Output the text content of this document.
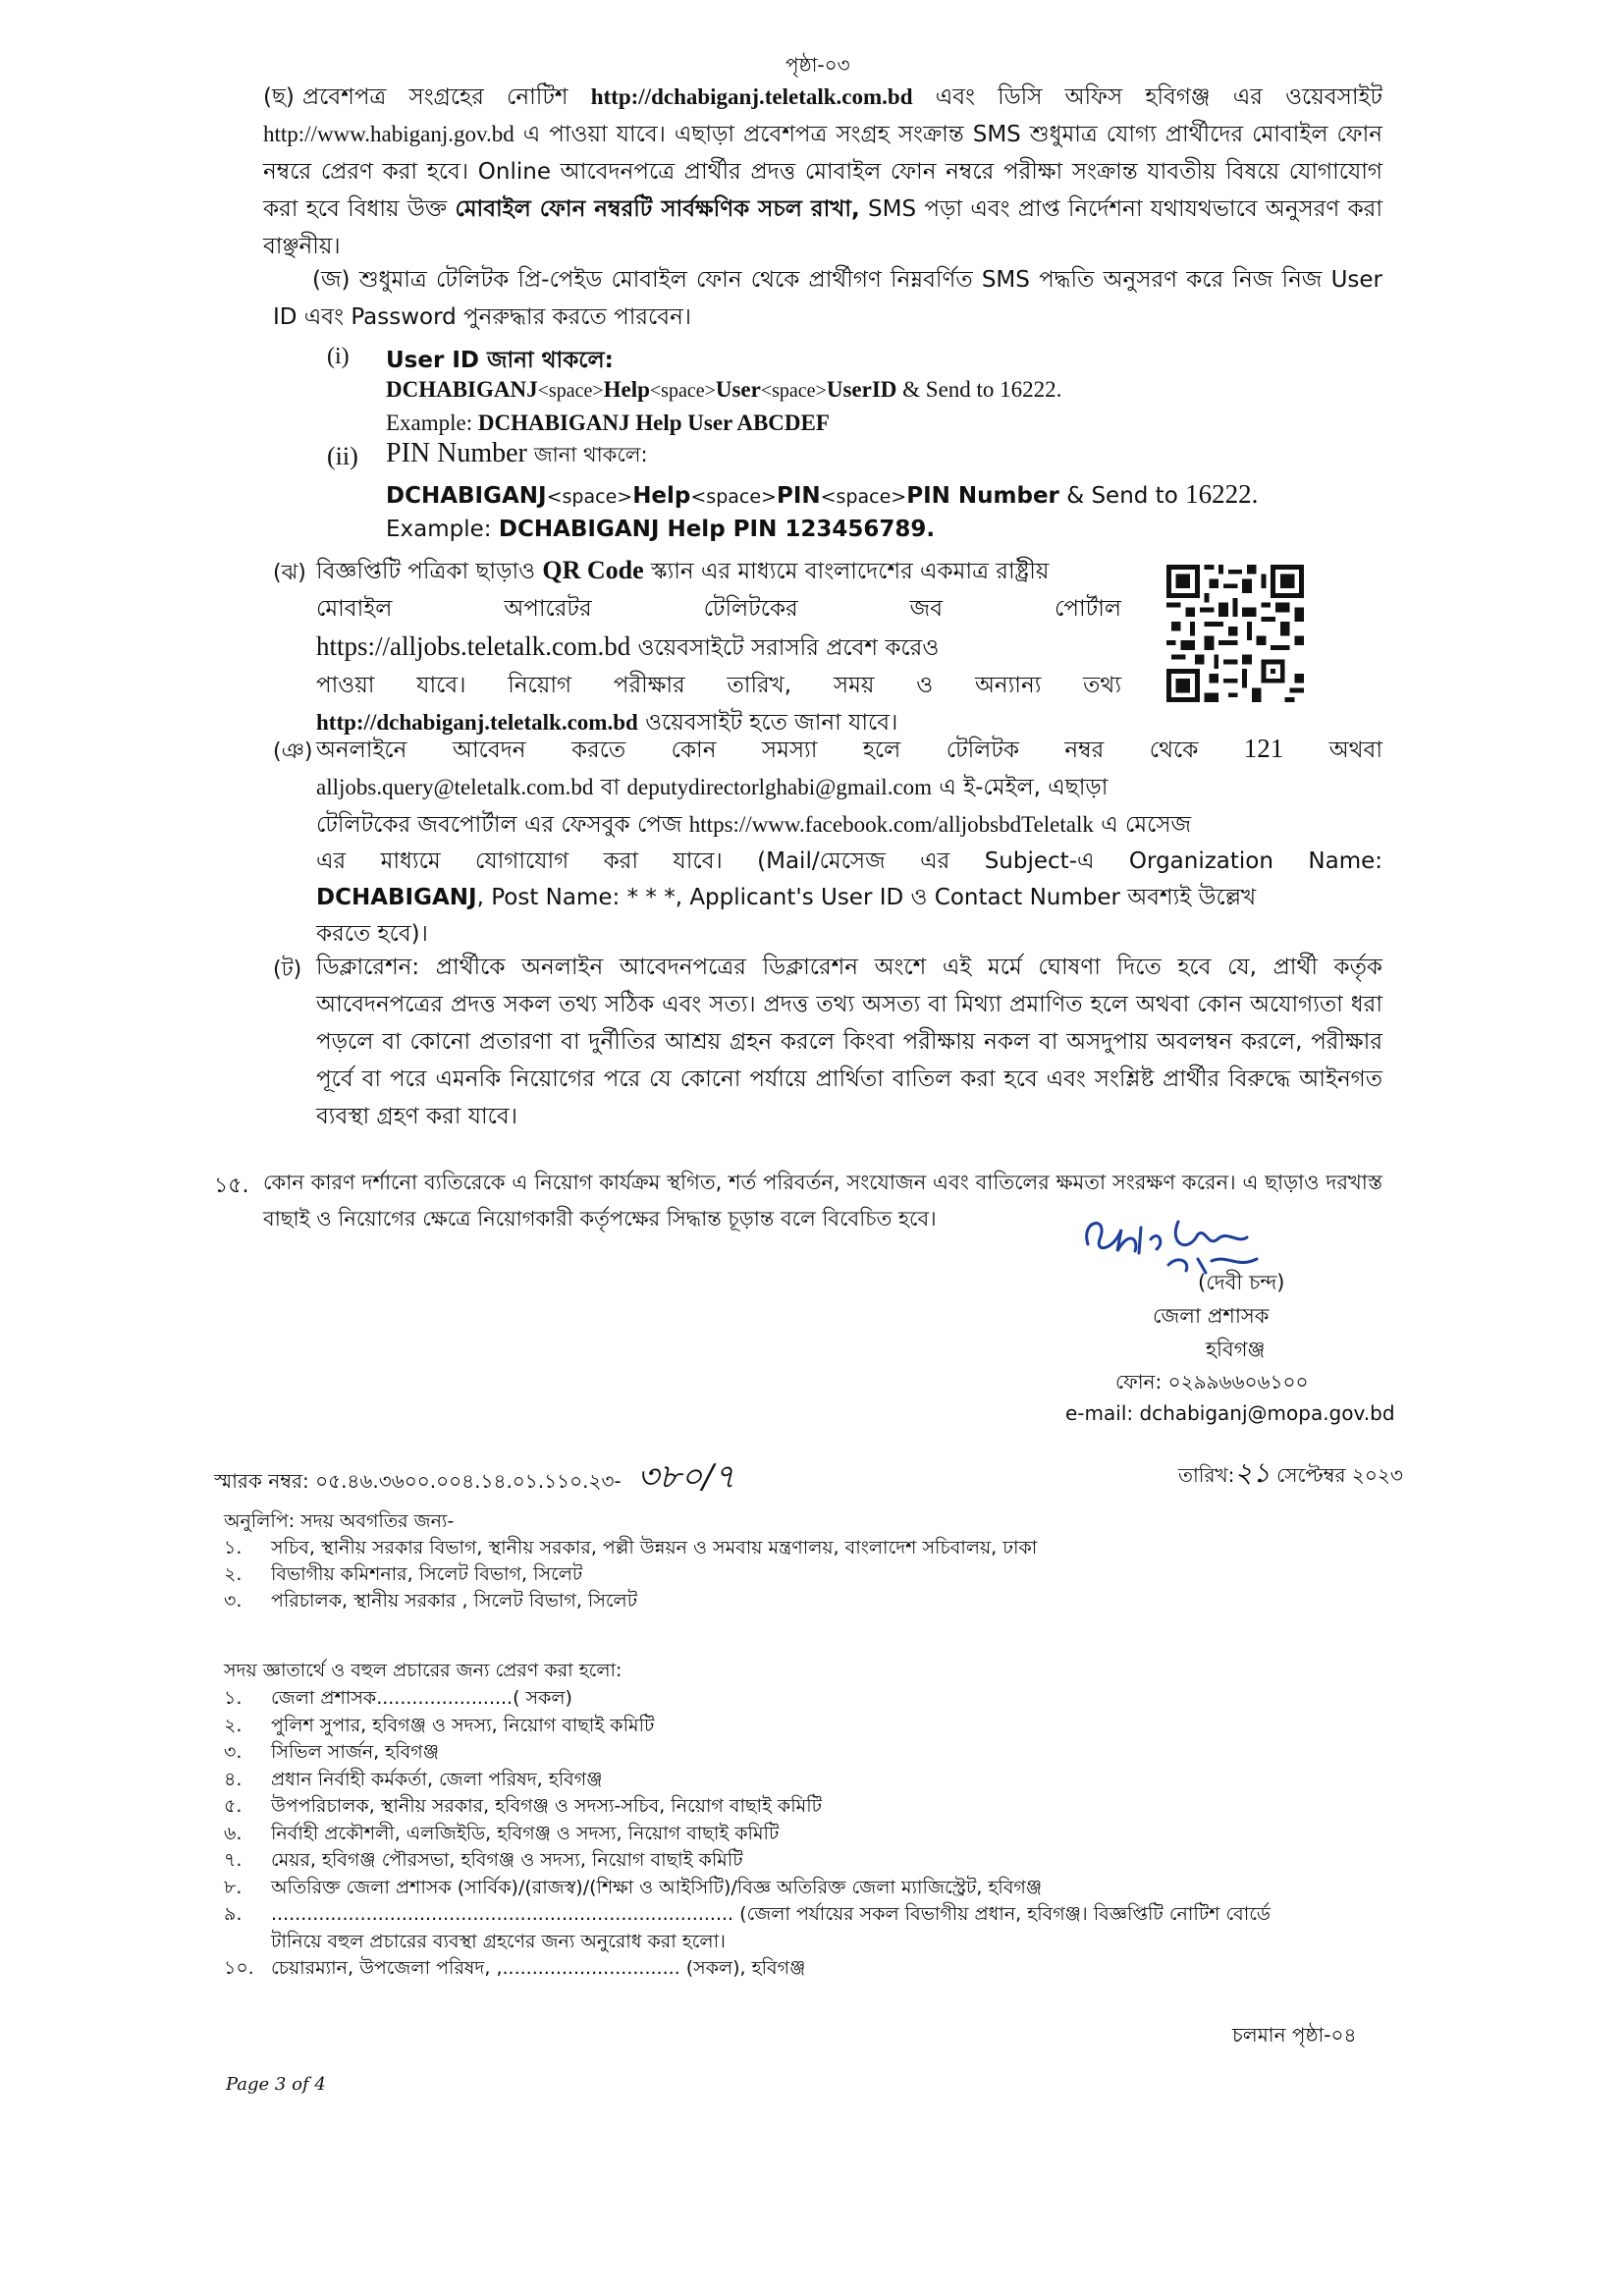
পৃষ্ঠা-০৩
(ছ) প্রবেশপত্র সংগ্রহের নোটিশ http://dchabiganj.teletalk.com.bd এবং ডিসি অফিস হবিগঞ্জ এর ওয়েবসাইট http://www.habiganj.gov.bd এ পাওয়া যাবে। এছাড়া প্রবেশপত্র সংগ্রহ সংক্রান্ত SMS শুধুমাত্র যোগ্য প্রার্থীদের মোবাইল ফোন নম্বরে প্রেরণ করা হবে। Online আবেদনপত্রে প্রার্থীর প্রদত্ত মোবাইল ফোন নম্বরে পরীক্ষা সংক্রান্ত যাবতীয় বিষয়ে যোগাযোগ করা হবে বিধায় উক্ত মোবাইল ফোন নম্বরটি সার্বক্ষণিক সচল রাখা, SMS পড়া এবং প্রাপ্ত নির্দেশনা যথাযথভাবে অনুসরণ করা বাঞ্ছনীয়।
(জ) শুধুমাত্র টেলিটক প্রি-পেইড মোবাইল ফোন থেকে প্রার্থীগণ নিম্নবর্ণিত SMS পদ্ধতি অনুসরণ করে নিজ নিজ User ID এবং Password পুনরুদ্ধার করতে পারবেন।
(i) User ID জানা থাকলে:
DCHABIGANJ<space>Help<space>User<space>UserID & Send to 16222.
Example: DCHABIGANJ Help User ABCDEF
(ii) PIN Number জানা থাকলে:
DCHABIGANJ<space>Help<space>PIN<space>PIN Number & Send to 16222.
Example: DCHABIGANJ Help PIN 123456789.
(ঝ) বিজ্ঞপ্তিটি পত্রিকা ছাড়াও QR Code স্ক্যান এর মাধ্যমে বাংলাদেশের একমাত্র রাষ্ট্রীয়
মোবাইল অপারেটর টেলিটকের জব পোর্টাল
https://alljobs.teletalk.com.bd ওয়েবসাইটে সরাসরি প্রবেশ করেও
পাওয়া যাবে। নিয়োগ পরীক্ষার তারিখ, সময় ও অন্যান্য তথ্য
http://dchabiganj.teletalk.com.bd ওয়েবসাইট হতে জানা যাবে।
(ঞ) অনলাইনে আবেদন করতে কোন সমস্যা হলে টেলিটক নম্বর থেকে 121 অথবা
alljobs.query@teletalk.com.bd বা deputydirectorlghabi@gmail.com এ ই-মেইল, এছাড়া
টেলিটকের জবপোর্টাল এর ফেসবুক পেজ https://www.facebook.com/alljobsbdTeletalk এ মেসেজ
এর মাধ্যমে যোগাযোগ করা যাবে। (Mail/মেসেজ এর Subject-এ Organization Name:
DCHABIGANJ, Post Name: * * *, Applicant's User ID ও Contact Number অবশ্যই উল্লেখ
করতে হবে)।
(ট) ডিক্লারেশন: প্রার্থীকে অনলাইন আবেদনপত্রের ডিক্লারেশন অংশে এই মর্মে ঘোষণা দিতে হবে যে, প্রার্থী কর্তৃক আবেদনপত্রের প্রদত্ত সকল তথ্য সঠিক এবং সত্য। প্রদত্ত তথ্য অসত্য বা মিথ্যা প্রমাণিত হলে অথবা কোন অযোগ্যতা ধরা পড়লে বা কোনো প্রতারণা বা দুর্নীতির আশ্রয় গ্রহন করলে কিংবা পরীক্ষায় নকল বা অসদুপায় অবলম্বন করলে, পরীক্ষার পূর্বে বা পরে এমনকি নিয়োগের পরে যে কোনো পর্যায়ে প্রার্থিতা বাতিল করা হবে এবং সংশ্লিষ্ট প্রার্থীর বিরুদ্ধে আইনগত ব্যবস্থা গ্রহণ করা যাবে।
১৫. কোন কারণ দর্শানো ব্যতিরেকে এ নিয়োগ কার্যক্রম স্থগিত, শর্ত পরিবর্তন, সংযোজন এবং বাতিলের ক্ষমতা সংরক্ষণ করেন। এ ছাড়াও দরখাস্ত বাছাই ও নিয়োগের ক্ষেত্রে নিয়োগকারী কর্তৃপক্ষের সিদ্ধান্ত চূড়ান্ত বলে বিবেচিত হবে।
(দেবী চন্দ)
জেলা প্রশাসক
হবিগঞ্জ
ফোন: ০২৯৯৬৬০৬১০০
e-mail: dchabiganj@mopa.gov.bd
স্মারক নম্বর: ০৫.৪৬.৩৬০০.০০৪.১৪.০১.১১০.২৩- ৩৮০/৭	তারিখ:২১ সেপ্টেম্বর ২০২৩
অনুলিপি: সদয় অবগতির জন্য-
১. সচিব, স্থানীয় সরকার বিভাগ, স্থানীয় সরকার, পল্লী উন্নয়ন ও সমবায় মন্ত্রণালয়, বাংলাদেশ সচিবালয়, ঢাকা
২. বিভাগীয় কমিশনার, সিলেট বিভাগ, সিলেট
৩. পরিচালক, স্থানীয় সরকার , সিলেট বিভাগ, সিলেট
সদয় জ্ঞাতার্থে ও বহুল প্রচারের জন্য প্রেরণ করা হলো:
১. জেলা প্রশাসক.......................( সকল)
২. পুলিশ সুপার, হবিগঞ্জ ও সদস্য, নিয়োগ বাছাই কমিটি
৩. সিভিল সার্জন, হবিগঞ্জ
৪. প্রধান নির্বাহী কর্মকর্তা, জেলা পরিষদ, হবিগঞ্জ
৫. উপপরিচালক, স্থানীয় সরকার, হবিগঞ্জ ও সদস্য-সচিব, নিয়োগ বাছাই কমিটি
৬. নির্বাহী প্রকৌশলী, এলজিইডি, হবিগঞ্জ ও সদস্য, নিয়োগ বাছাই কমিটি
৭. মেয়র, হবিগঞ্জ পৌরসভা, হবিগঞ্জ ও সদস্য, নিয়োগ বাছাই কমিটি
৮. অতিরিক্ত জেলা প্রশাসক (সার্বিক)/(রাজস্ব)/(শিক্ষা ও আইসিটি)/বিজ্ঞ অতিরিক্ত জেলা ম্যাজিস্ট্রেট, হবিগঞ্জ
৯. .............................................................................. (জেলা পর্যায়ের সকল বিভাগীয় প্রধান, হবিগঞ্জ। বিজ্ঞপ্তিটি নোটিশ বোর্ডে
টানিয়ে বহুল প্রচারের ব্যবস্থা গ্রহণের জন্য অনুরোধ করা হলো।
১০. চেয়ারম্যান, উপজেলা পরিষদ, ,.............................. (সকল), হবিগঞ্জ
চলমান পৃষ্ঠা-০৪
Page 3 of 4
